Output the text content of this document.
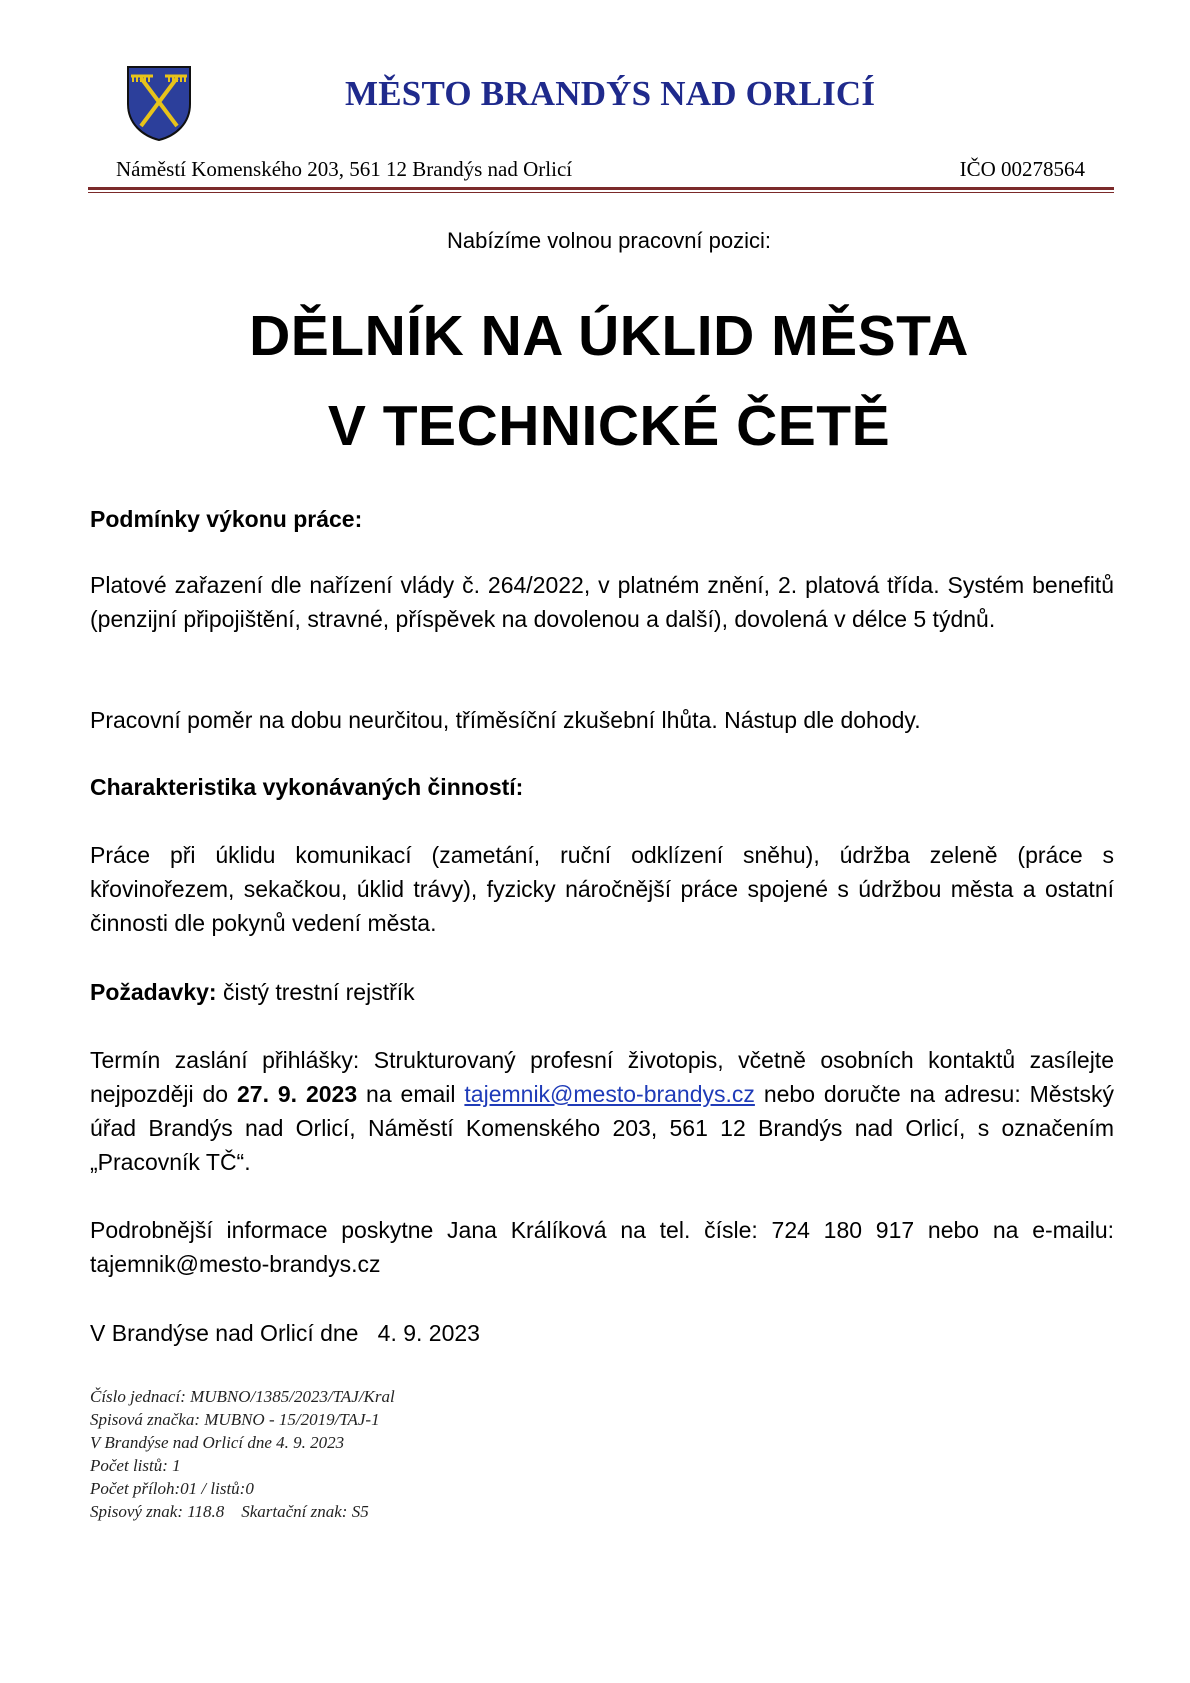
MĚSTO BRANDÝS NAD ORLICÍ
Náměstí Komenského 203, 561 12 Brandýs nad Orlicí	IČO 00278564
Nabízíme volnou pracovní pozici:
DĚLNÍK NA ÚKLID MĚSTA
V TECHNICKÉ ČETĚ
Podmínky výkonu práce:
Platové zařazení dle nařízení vlády č. 264/2022, v platném znění, 2. platová třída. Systém benefitů (penzijní připojištění, stravné, příspěvek na dovolenou a další), dovolená v délce 5 týdnů.
Pracovní poměr na dobu neurčitou, tříměsíční zkušební lhůta. Nástup dle dohody.
Charakteristika vykonávaných činností:
Práce při úklidu komunikací (zametání, ruční odklízení sněhu), údržba zeleně (práce s křovinořezem, sekačkou, úklid trávy), fyzicky náročnější práce spojené s údržbou města a ostatní činnosti dle pokynů vedení města.
Požadavky: čistý trestní rejstřík
Termín zaslání přihlášky: Strukturovaný profesní životopis, včetně osobních kontaktů zasílejte nejpozději do 27. 9. 2023 na email tajemnik@mesto-brandys.cz nebo doručte na adresu: Městský úřad Brandýs nad Orlicí, Náměstí Komenského 203, 561 12 Brandýs nad Orlicí, s označením „Pracovník TČ“.
Podrobnější informace poskytne Jana Králíková na tel. čísle: 724 180 917 nebo na e-mailu: tajemnik@mesto-brandys.cz
V Brandýse nad Orlicí dne   4. 9. 2023
Číslo jednací: MUBNO/1385/2023/TAJ/Kral
Spisová značka: MUBNO - 15/2019/TAJ-1
V Brandýse nad Orlicí dne 4. 9. 2023
Počet listů: 1
Počet příloh:01 / listů:0
Spisový znak: 118.8    Skartační znak: S5
